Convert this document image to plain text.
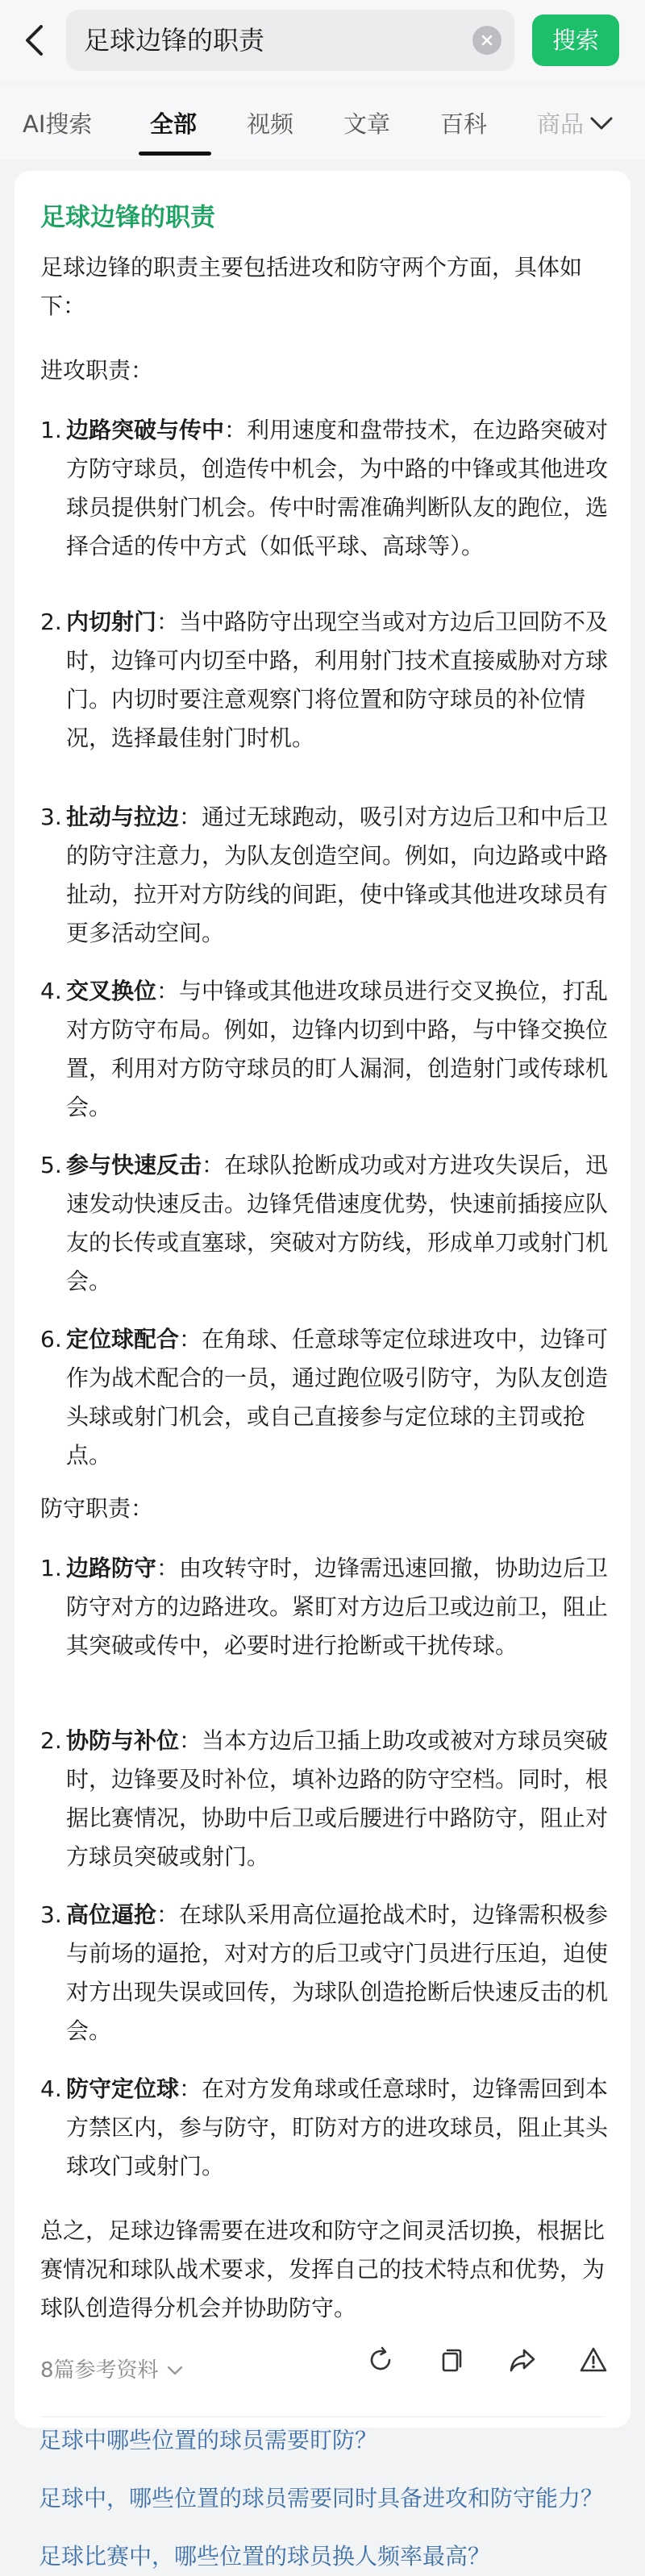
足球边锋的职责	搜索
AI搜索 全部 视频 文章 百科 商品
足球边锋的职责
足球边锋的职责主要包括进攻和防守两个方面，具体如下：
进攻职责：
1. 边路突破与传中：利用速度和盘带技术，在边路突破对方防守球员，创造传中机会，为中路的中锋或其他进攻球员提供射门机会。传中时需准确判断队友的跑位，选择合适的传中方式（如低平球、高球等）。
2. 内切射门：当中路防守出现空当或对方边后卫回防不及时，边锋可内切至中路，利用射门技术直接威胁对方球门。内切时要注意观察门将位置和防守球员的补位情况，选择最佳射门时机。
3. 扯动与拉边：通过无球跑动，吸引对方边后卫和中后卫的防守注意力，为队友创造空间。例如，向边路或中路扯动，拉开对方防线的间距，使中锋或其他进攻球员有更多活动空间。
4. 交叉换位：与中锋或其他进攻球员进行交叉换位，打乱对方防守布局。例如，边锋内切到中路，与中锋交换位置，利用对方防守球员的盯人漏洞，创造射门或传球机会。
5. 参与快速反击：在球队抢断成功或对方进攻失误后，迅速发动快速反击。边锋凭借速度优势，快速前插接应队友的长传或直塞球，突破对方防线，形成单刀或射门机会。
6. 定位球配合：在角球、任意球等定位球进攻中，边锋可作为战术配合的一员，通过跑位吸引防守，为队友创造头球或射门机会，或自己直接参与定位球的主罚或抢点。
防守职责：
1. 边路防守：由攻转守时，边锋需迅速回撤，协助边后卫防守对方的边路进攻。紧盯对方边后卫或边前卫，阻止其突破或传中，必要时进行抢断或干扰传球。
2. 协防与补位：当本方边后卫插上助攻或被对方球员突破时，边锋要及时补位，填补边路的防守空档。同时，根据比赛情况，协助中后卫或后腰进行中路防守，阻止对方球员突破或射门。
3. 高位逼抢：在球队采用高位逼抢战术时，边锋需积极参与前场的逼抢，对对方的后卫或守门员进行压迫，迫使对方出现失误或回传，为球队创造抢断后快速反击的机会。
4. 防守定位球：在对方发角球或任意球时，边锋需回到本方禁区内，参与防守，盯防对方的进攻球员，阻止其头球攻门或射门。
总之，足球边锋需要在进攻和防守之间灵活切换，根据比赛情况和球队战术要求，发挥自己的技术特点和优势，为球队创造得分机会并协助防守。
8篇参考资料
足球中哪些位置的球员需要盯防？
足球中，哪些位置的球员需要同时具备进攻和防守能力？
足球比赛中，哪些位置的球员换人频率最高？
